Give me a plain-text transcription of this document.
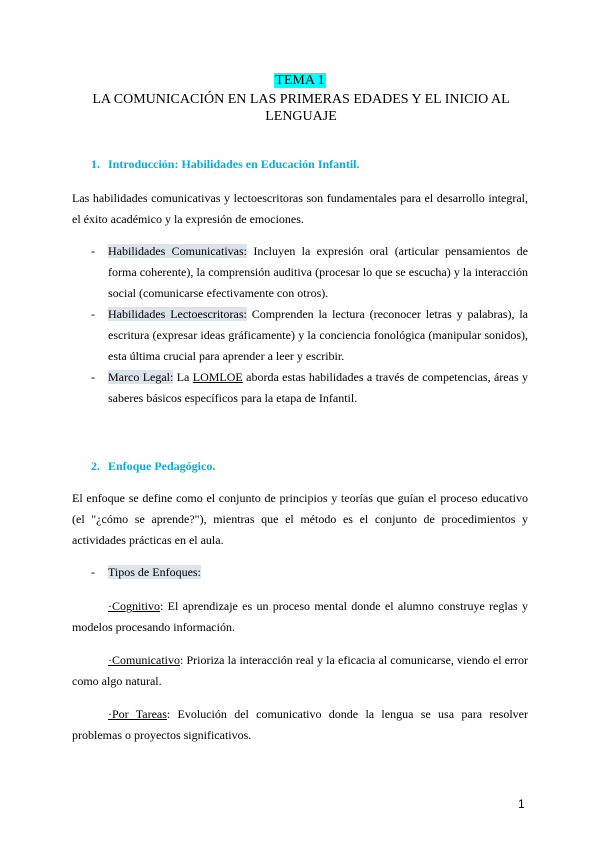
TEMA 1
LA COMUNICACIÓN EN LAS PRIMERAS EDADES Y EL INICIO AL LENGUAJE
1. Introducción: Habilidades en Educación Infantil.
Las habilidades comunicativas y lectoescritoras son fundamentales para el desarrollo integral, el éxito académico y la expresión de emociones.
- Habilidades Comunicativas: Incluyen la expresión oral (articular pensamientos de forma coherente), la comprensión auditiva (procesar lo que se escucha) y la interacción social (comunicarse efectivamente con otros).
- Habilidades Lectoescritoras: Comprenden la lectura (reconocer letras y palabras), la escritura (expresar ideas gráficamente) y la conciencia fonológica (manipular sonidos), esta última crucial para aprender a leer y escribir.
- Marco Legal: La LOMLOE aborda estas habilidades a través de competencias, áreas y saberes básicos específicos para la etapa de Infantil.
2. Enfoque Pedagógico.
El enfoque se define como el conjunto de principios y teorías que guían el proceso educativo (el "¿cómo se aprende?"), mientras que el método es el conjunto de procedimientos y actividades prácticas en el aula.
- Tipos de Enfoques:
·Cognitivo: El aprendizaje es un proceso mental donde el alumno construye reglas y modelos procesando información.
·Comunicativo: Prioriza la interacción real y la eficacia al comunicarse, viendo el error como algo natural.
·Por Tareas: Evolución del comunicativo donde la lengua se usa para resolver problemas o proyectos significativos.
1
